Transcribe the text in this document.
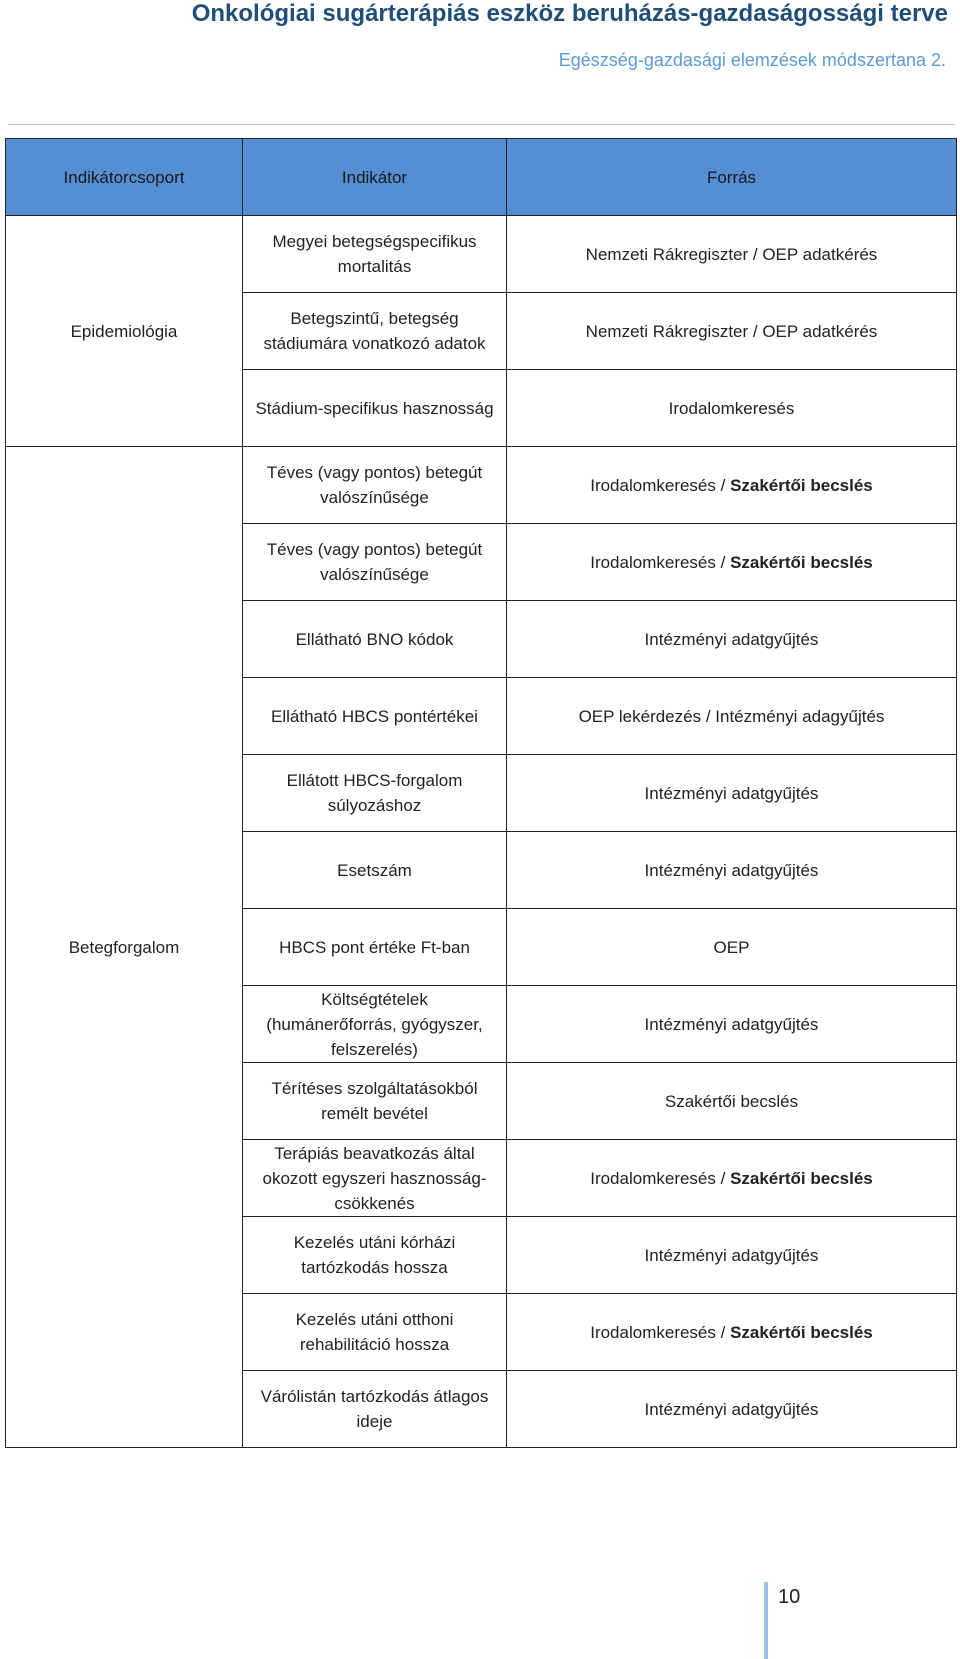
Onkológiai sugárterápiás eszköz beruházás-gazdaságossági terve
Egészség-gazdasági elemzések módszertana 2.
Indikátorcsoport	Indikátor	Forrás
Epidemiológia	Megyei betegségspecifikus mortalitás	Nemzeti Rákregiszter / OEP adatkérés
	Betegszintű, betegség stádiumára vonatkozó adatok	Nemzeti Rákregiszter / OEP adatkérés
	Stádium-specifikus hasznosság	Irodalomkeresés
Betegforgalom	Téves (vagy pontos) betegút valószínűsége	Irodalomkeresés / Szakértői becslés
	Téves (vagy pontos) betegút valószínűsége	Irodalomkeresés / Szakértői becslés
	Ellátható BNO kódok	Intézményi adatgyűjtés
	Ellátható HBCS pontértékei	OEP lekérdezés / Intézményi adagyűjtés
	Ellátott HBCS-forgalom súlyozáshoz	Intézményi adatgyűjtés
	Esetszám	Intézményi adatgyűjtés
	HBCS pont értéke Ft-ban	OEP
	Költségtételek (humánerőforrás, gyógyszer, felszerelés)	Intézményi adatgyűjtés
	Térítéses szolgáltatásokból remélt bevétel	Szakértői becslés
	Terápiás beavatkozás által okozott egyszeri hasznosság-csökkenés	Irodalomkeresés / Szakértői becslés
	Kezelés utáni kórházi tartózkodás hossza	Intézményi adatgyűjtés
	Kezelés utáni otthoni rehabilitáció hossza	Irodalomkeresés / Szakértői becslés
	Várólistán tartózkodás átlagos ideje	Intézményi adatgyűjtés
10
